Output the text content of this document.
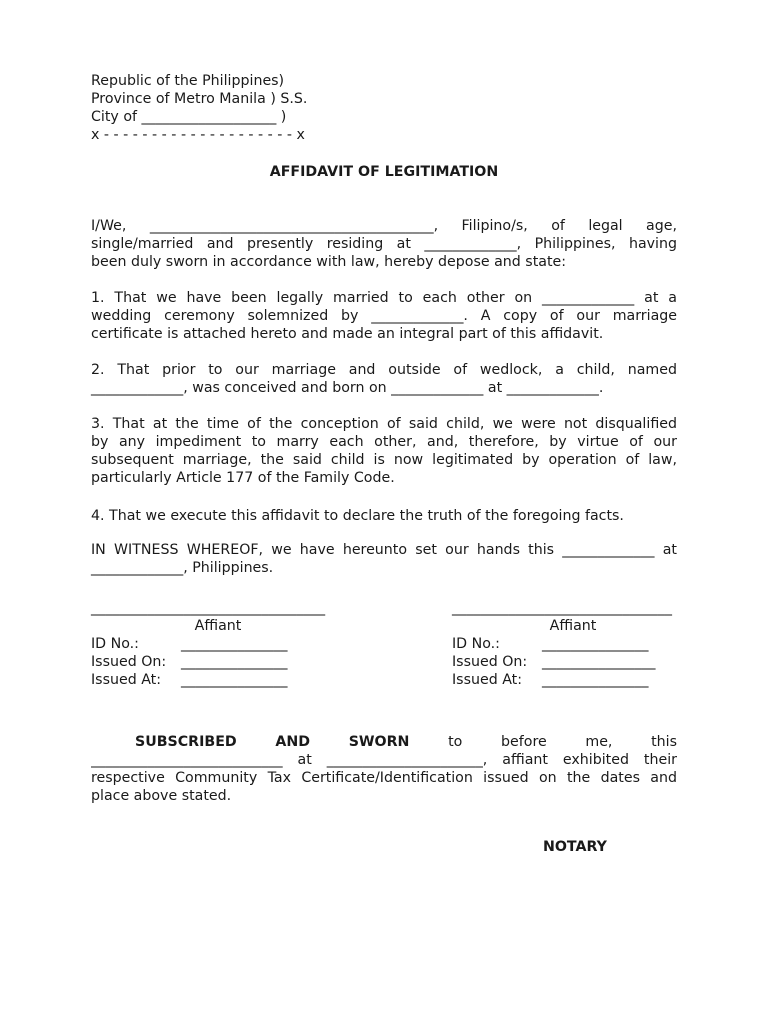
Republic of the Philippines)
Province of Metro Manila ) S.S.
City of ___________________ )
x - - - - - - - - - - - - - - - - - - - - x
AFFIDAVIT OF LEGITIMATION
I/We, ________________________________________, Filipino/s, of legal age,
single/married and presently residing at _____________, Philippines, having
been duly sworn in accordance with law, hereby depose and state:
1. That we have been legally married to each other on _____________ at a
wedding ceremony solemnized by _____________. A copy of our marriage
certificate is attached hereto and made an integral part of this affidavit.
2. That prior to our marriage and outside of wedlock, a child, named
_____________, was conceived and born on _____________ at _____________.
3. That at the time of the conception of said child, we were not disqualified
by any impediment to marry each other, and, therefore, by virtue of our
subsequent marriage, the said child is now legitimated by operation of law,
particularly Article 177 of the Family Code.
4. That we execute this affidavit to declare the truth of the foregoing facts.
IN WITNESS WHEREOF, we have hereunto set our hands this _____________ at
_____________, Philippines.
_________________________________
Affiant
ID No.:	_______________
Issued On: _______________
Issued At: _______________
_______________________________
Affiant
ID No.:	_______________
Issued On: ________________
Issued At: _______________
SUBSCRIBED	AND	SWORN	to before me, this
___________________________ at ______________________, affiant exhibited their
respective Community Tax Certificate/Identification issued on the dates and
place above stated.
NOTARY
